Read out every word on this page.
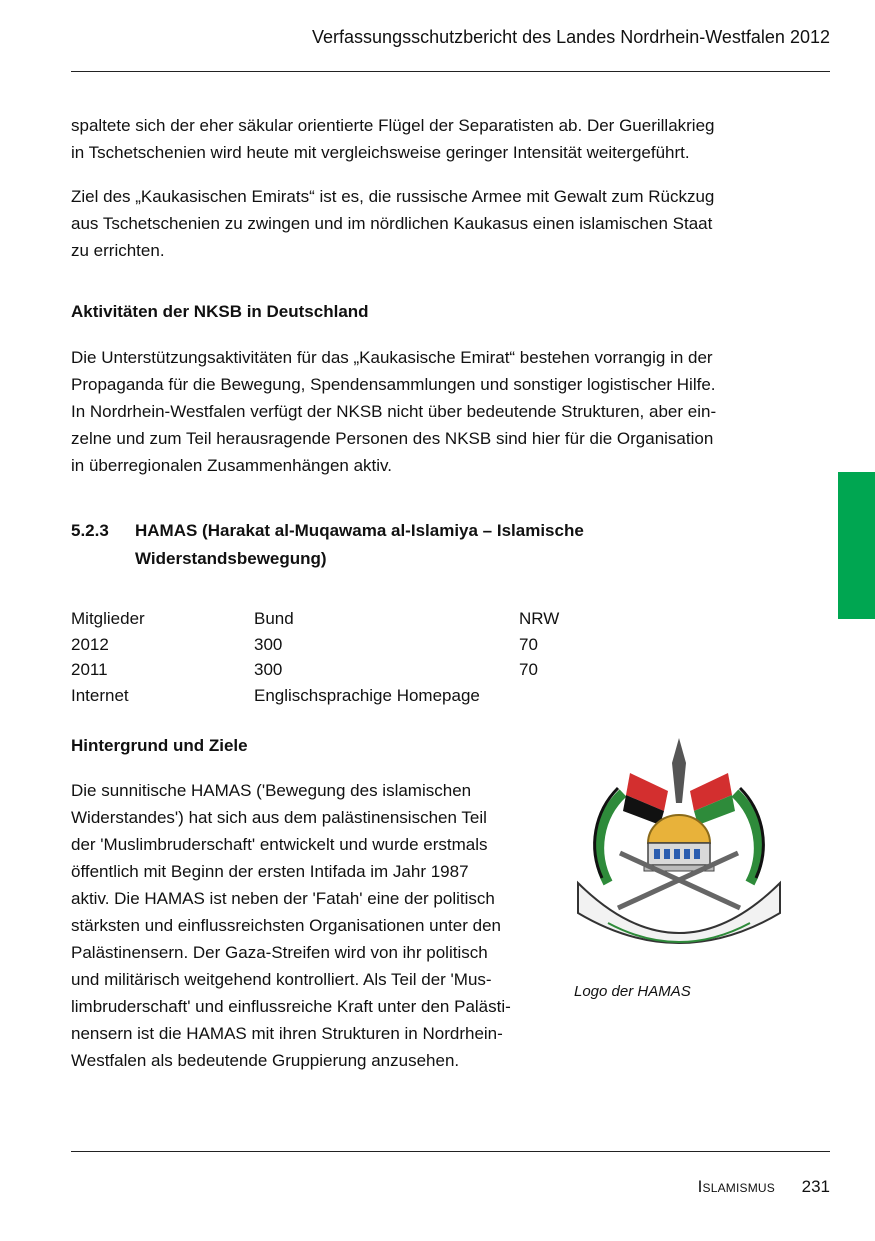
Verfassungsschutzbericht des Landes Nordrhein-Westfalen 2012
spaltete sich der eher säkular orientierte Flügel der Separatisten ab. Der Guerillakrieg
in Tschetschenien wird heute mit vergleichsweise geringer Intensität weitergeführt.
Ziel des „Kaukasischen Emirats“ ist es, die russische Armee mit Gewalt zum Rückzug
aus Tschetschenien zu zwingen und im nördlichen Kaukasus einen islamischen Staat
zu errichten.
Aktivitäten der NKSB in Deutschland
Die Unterstützungsaktivitäten für das „Kaukasische Emirat“ bestehen vorrangig in der
Propaganda für die Bewegung, Spendensammlungen und sonstiger logistischer Hilfe.
In Nordrhein-Westfalen verfügt der NKSB nicht über bedeutende Strukturen, aber ein-
zelne und zum Teil herausragende Personen des NKSB sind hier für die Organisation
in überregionalen Zusammenhängen aktiv.
5.2.3 HAMAS (Harakat al-Muqawama al-Islamiya – Islamische
Widerstandsbewegung)
Mitglieder	Bund	NRW
2012	300	70
2011	300	70
Internet	Englischsprachige Homepage
Hintergrund und Ziele
Die sunnitische HAMAS ('Bewegung des islamischen
Widerstandes') hat sich aus dem palästinensischen Teil
der 'Muslimbruderschaft' entwickelt und wurde erstmals
öffentlich mit Beginn der ersten Intifada im Jahr 1987
aktiv. Die HAMAS ist neben der 'Fatah' eine der politisch
stärksten und einflussreichsten Organisationen unter den
Palästinensern. Der Gaza-Streifen wird von ihr politisch
und militärisch weitgehend kontrolliert. Als Teil der 'Mus-
limbruderschaft' und einflussreiche Kraft unter den Palästi-
nensern ist die HAMAS mit ihren Strukturen in Nordrhein-
Westfalen als bedeutende Gruppierung anzusehen.
Logo der HAMAS
Islamismus 231
